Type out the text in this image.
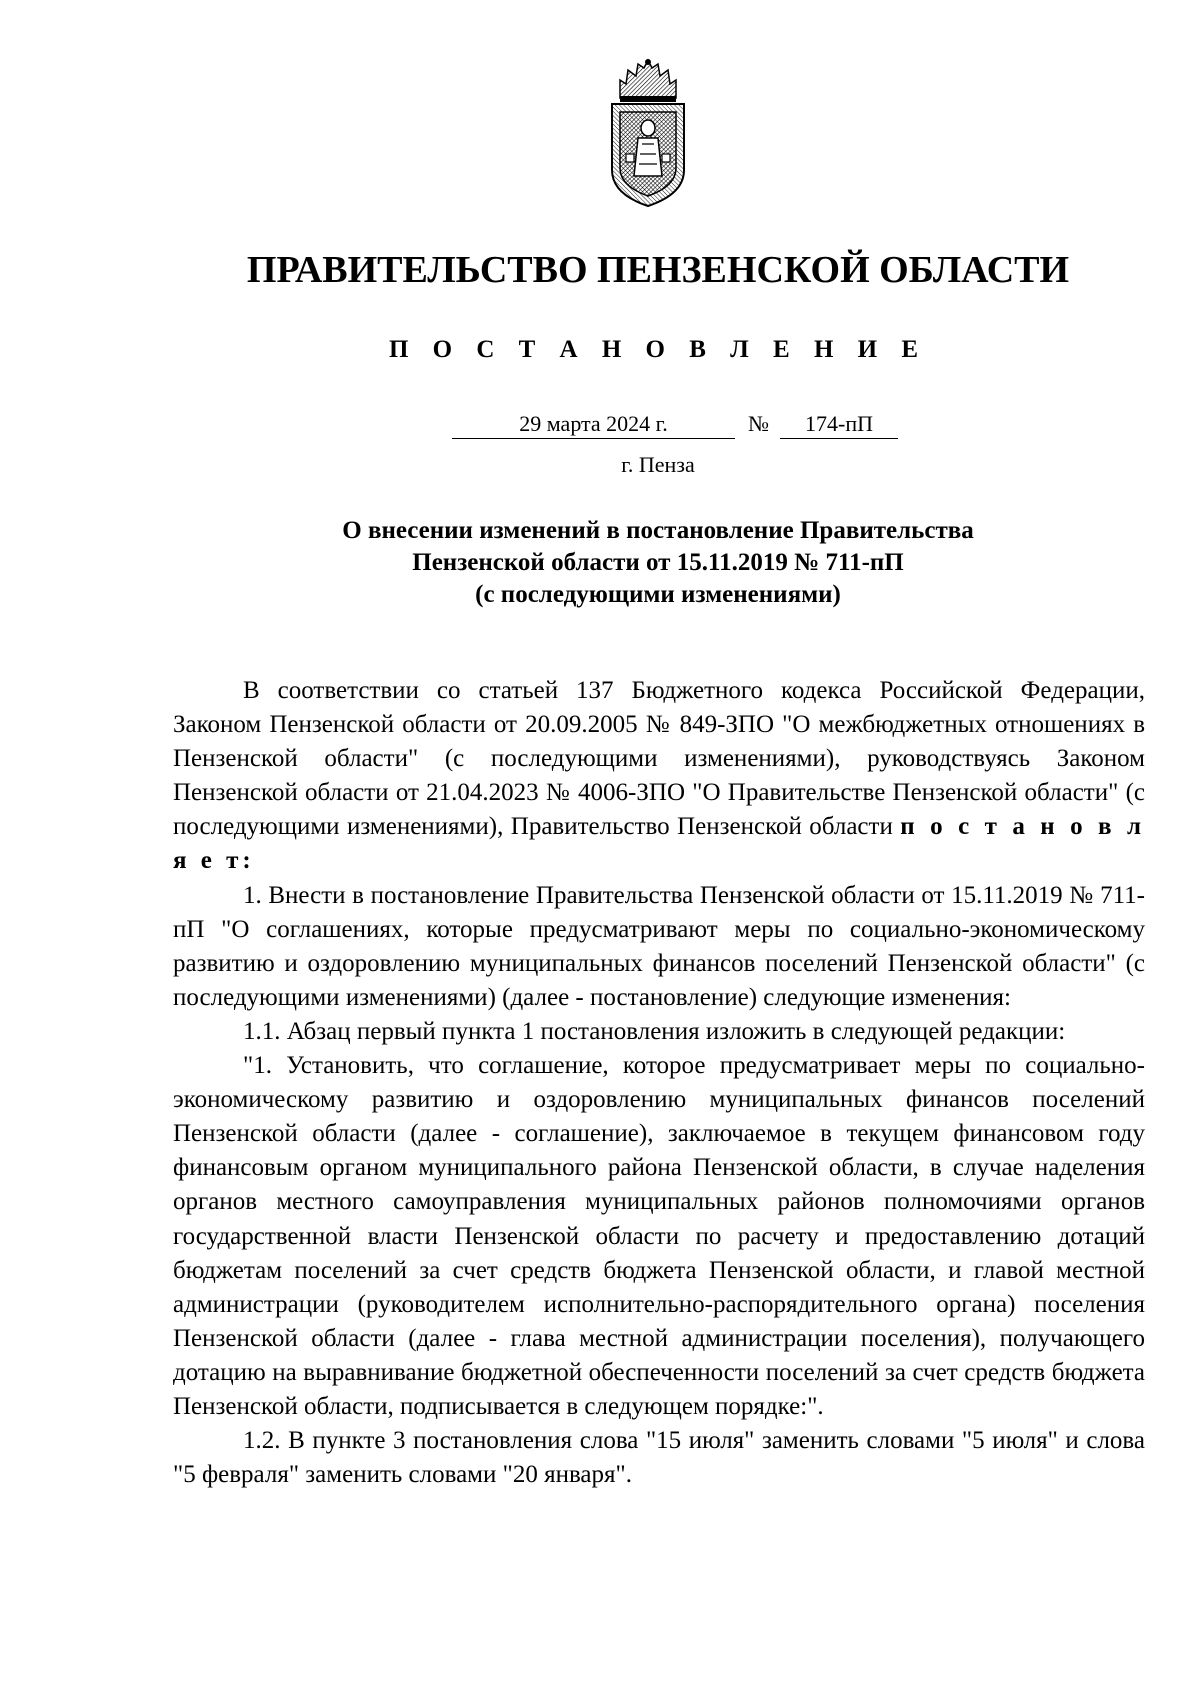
ПРАВИТЕЛЬСТВО ПЕНЗЕНСКОЙ ОБЛАСТИ
П О С Т А Н О В Л Е Н И Е
29 марта 2024 г.	№	174-пП
г. Пенза
О внесении изменений в постановление Правительства
Пензенской области от 15.11.2019 № 711-пП
(с последующими изменениями)

В соответствии со статьей 137 Бюджетного кодекса Российской Федерации, Законом Пензенской области от 20.09.2005 № 849-ЗПО "О межбюджетных отношениях в Пензенской области" (с последующими изменениями), руководствуясь Законом Пензенской области от 21.04.2023 № 4006-ЗПО "О Правительстве Пензенской области" (с последующими изменениями), Правительство Пензенской области п о с т а н о в л я е т:

1. Внести в постановление Правительства Пензенской области от 15.11.2019 № 711-пП "О соглашениях, которые предусматривают меры по социально-экономическому развитию и оздоровлению муниципальных финансов поселений Пензенской области" (с последующими изменениями) (далее - постановление) следующие изменения:

1.1. Абзац первый пункта 1 постановления изложить в следующей редакции:

"1. Установить, что соглашение, которое предусматривает меры по социально-экономическому развитию и оздоровлению муниципальных финансов поселений Пензенской области (далее - соглашение), заключаемое в текущем финансовом году финансовым органом муниципального района Пензенской области, в случае наделения органов местного самоуправления муниципальных районов полномочиями органов государственной власти Пензенской области по расчету и предоставлению дотаций бюджетам поселений за счет средств бюджета Пензенской области, и главой местной администрации (руководителем исполнительно-распорядительного органа) поселения Пензенской области (далее - глава местной администрации поселения), получающего дотацию на выравнивание бюджетной обеспеченности поселений за счет средств бюджета Пензенской области, подписывается в следующем порядке:".

1.2. В пункте 3 постановления слова "15 июля" заменить словами "5 июля" и слова "5 февраля" заменить словами "20 января".
